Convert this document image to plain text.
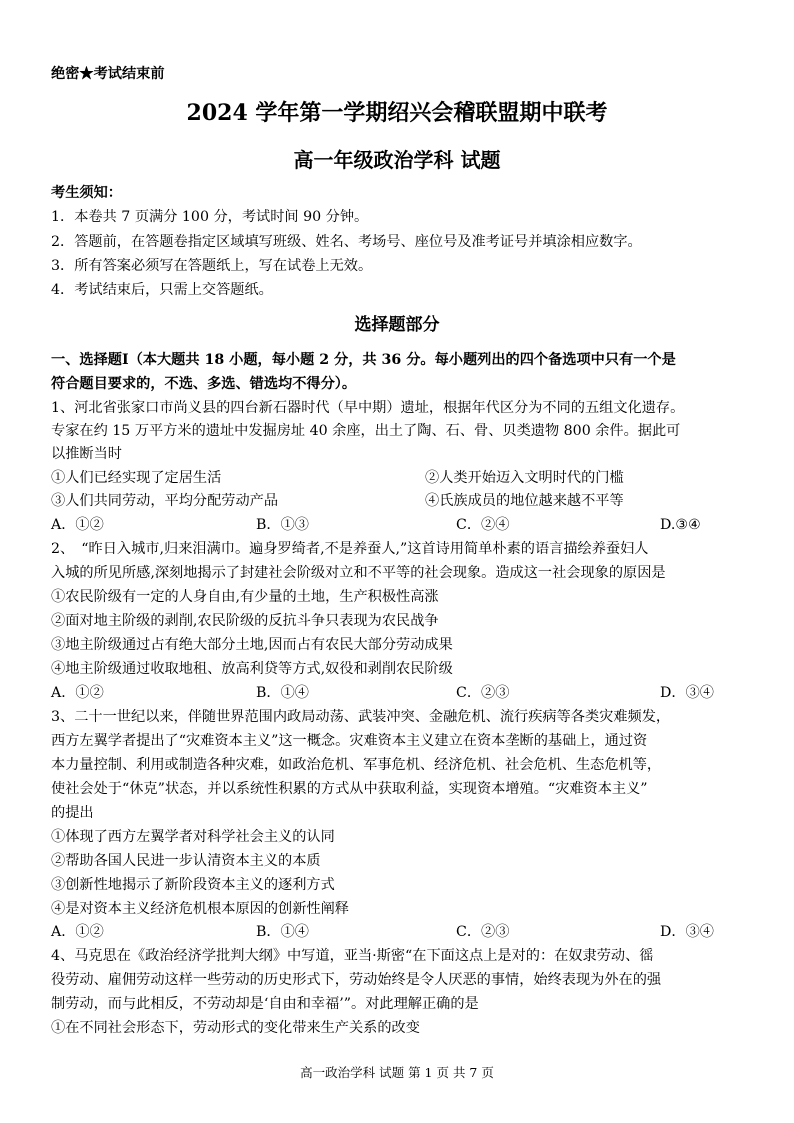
绝密★考试结束前
2024 学年第一学期绍兴会稽联盟期中联考
高一年级政治学科 试题
考生须知：
1．本卷共 7 页满分 100 分，考试时间 90 分钟。
2．答题前，在答题卷指定区域填写班级、姓名、考场号、座位号及准考证号并填涂相应数字。
3．所有答案必须写在答题纸上，写在试卷上无效。
4．考试结束后，只需上交答题纸。
选择题部分
一、选择题Ⅰ（本大题共 18 小题，每小题 2 分，共 36 分。每小题列出的四个备选项中只有一个是
符合题目要求的，不选、多选、错选均不得分）。
1、河北省张家口市尚义县的四台新石器时代（早中期）遗址，根据年代区分为不同的五组文化遗存。
专家在约 15 万平方米的遗址中发掘房址 40 余座，出土了陶、石、骨、贝类遗物 800 余件。据此可
以推断当时
①人们已经实现了定居生活	②人类开始迈入文明时代的门槛
③人们共同劳动，平均分配劳动产品	④氏族成员的地位越来越不平等
A．①②	B．①③	C．②④	D.③④
2、　“昨日入城市,归来泪满巾。遍身罗绮者,不是养蚕人,”这首诗用简单朴素的语言描绘养蚕妇人
入城的所见所感,深刻地揭示了封建社会阶级对立和不平等的社会现象。造成这一社会现象的原因是
①农民阶级有一定的人身自由,有少量的土地，生产积极性高涨
②面对地主阶级的剥削,农民阶级的反抗斗争只表现为农民战争
③地主阶级通过占有绝大部分土地,因而占有农民大部分劳动成果
④地主阶级通过收取地租、放高利贷等方式,奴役和剥削农民阶级
A．①②	B．①④	C．②③	D．③④
3、二十一世纪以来，伴随世界范围内政局动荡、武装冲突、金融危机、流行疾病等各类灾难频发，
西方左翼学者提出了“灾难资本主义”这一概念。灾难资本主义建立在资本垄断的基础上，通过资
本力量控制、利用或制造各种灾难，如政治危机、军事危机、经济危机、社会危机、生态危机等，
使社会处于“休克”状态，并以系统性积累的方式从中获取利益，实现资本增殖。“灾难资本主义”
的提出
①体现了西方左翼学者对科学社会主义的认同
②帮助各国人民进一步认清资本主义的本质
③创新性地揭示了新阶段资本主义的逐利方式
④是对资本主义经济危机根本原因的创新性阐释
A．①②	B．①④	C．②③	D．③④
4、马克思在《政治经济学批判大纲》中写道，亚当·斯密“在下面这点上是对的：在奴隶劳动、徭
役劳动、雇佣劳动这样一些劳动的历史形式下，劳动始终是令人厌恶的事情，始终表现为外在的强
制劳动，而与此相反，不劳动却是‘自由和幸福’”。对此理解正确的是
①在不同社会形态下，劳动形式的变化带来生产关系的改变
高一政治学科 试题 第 1 页 共 7 页
